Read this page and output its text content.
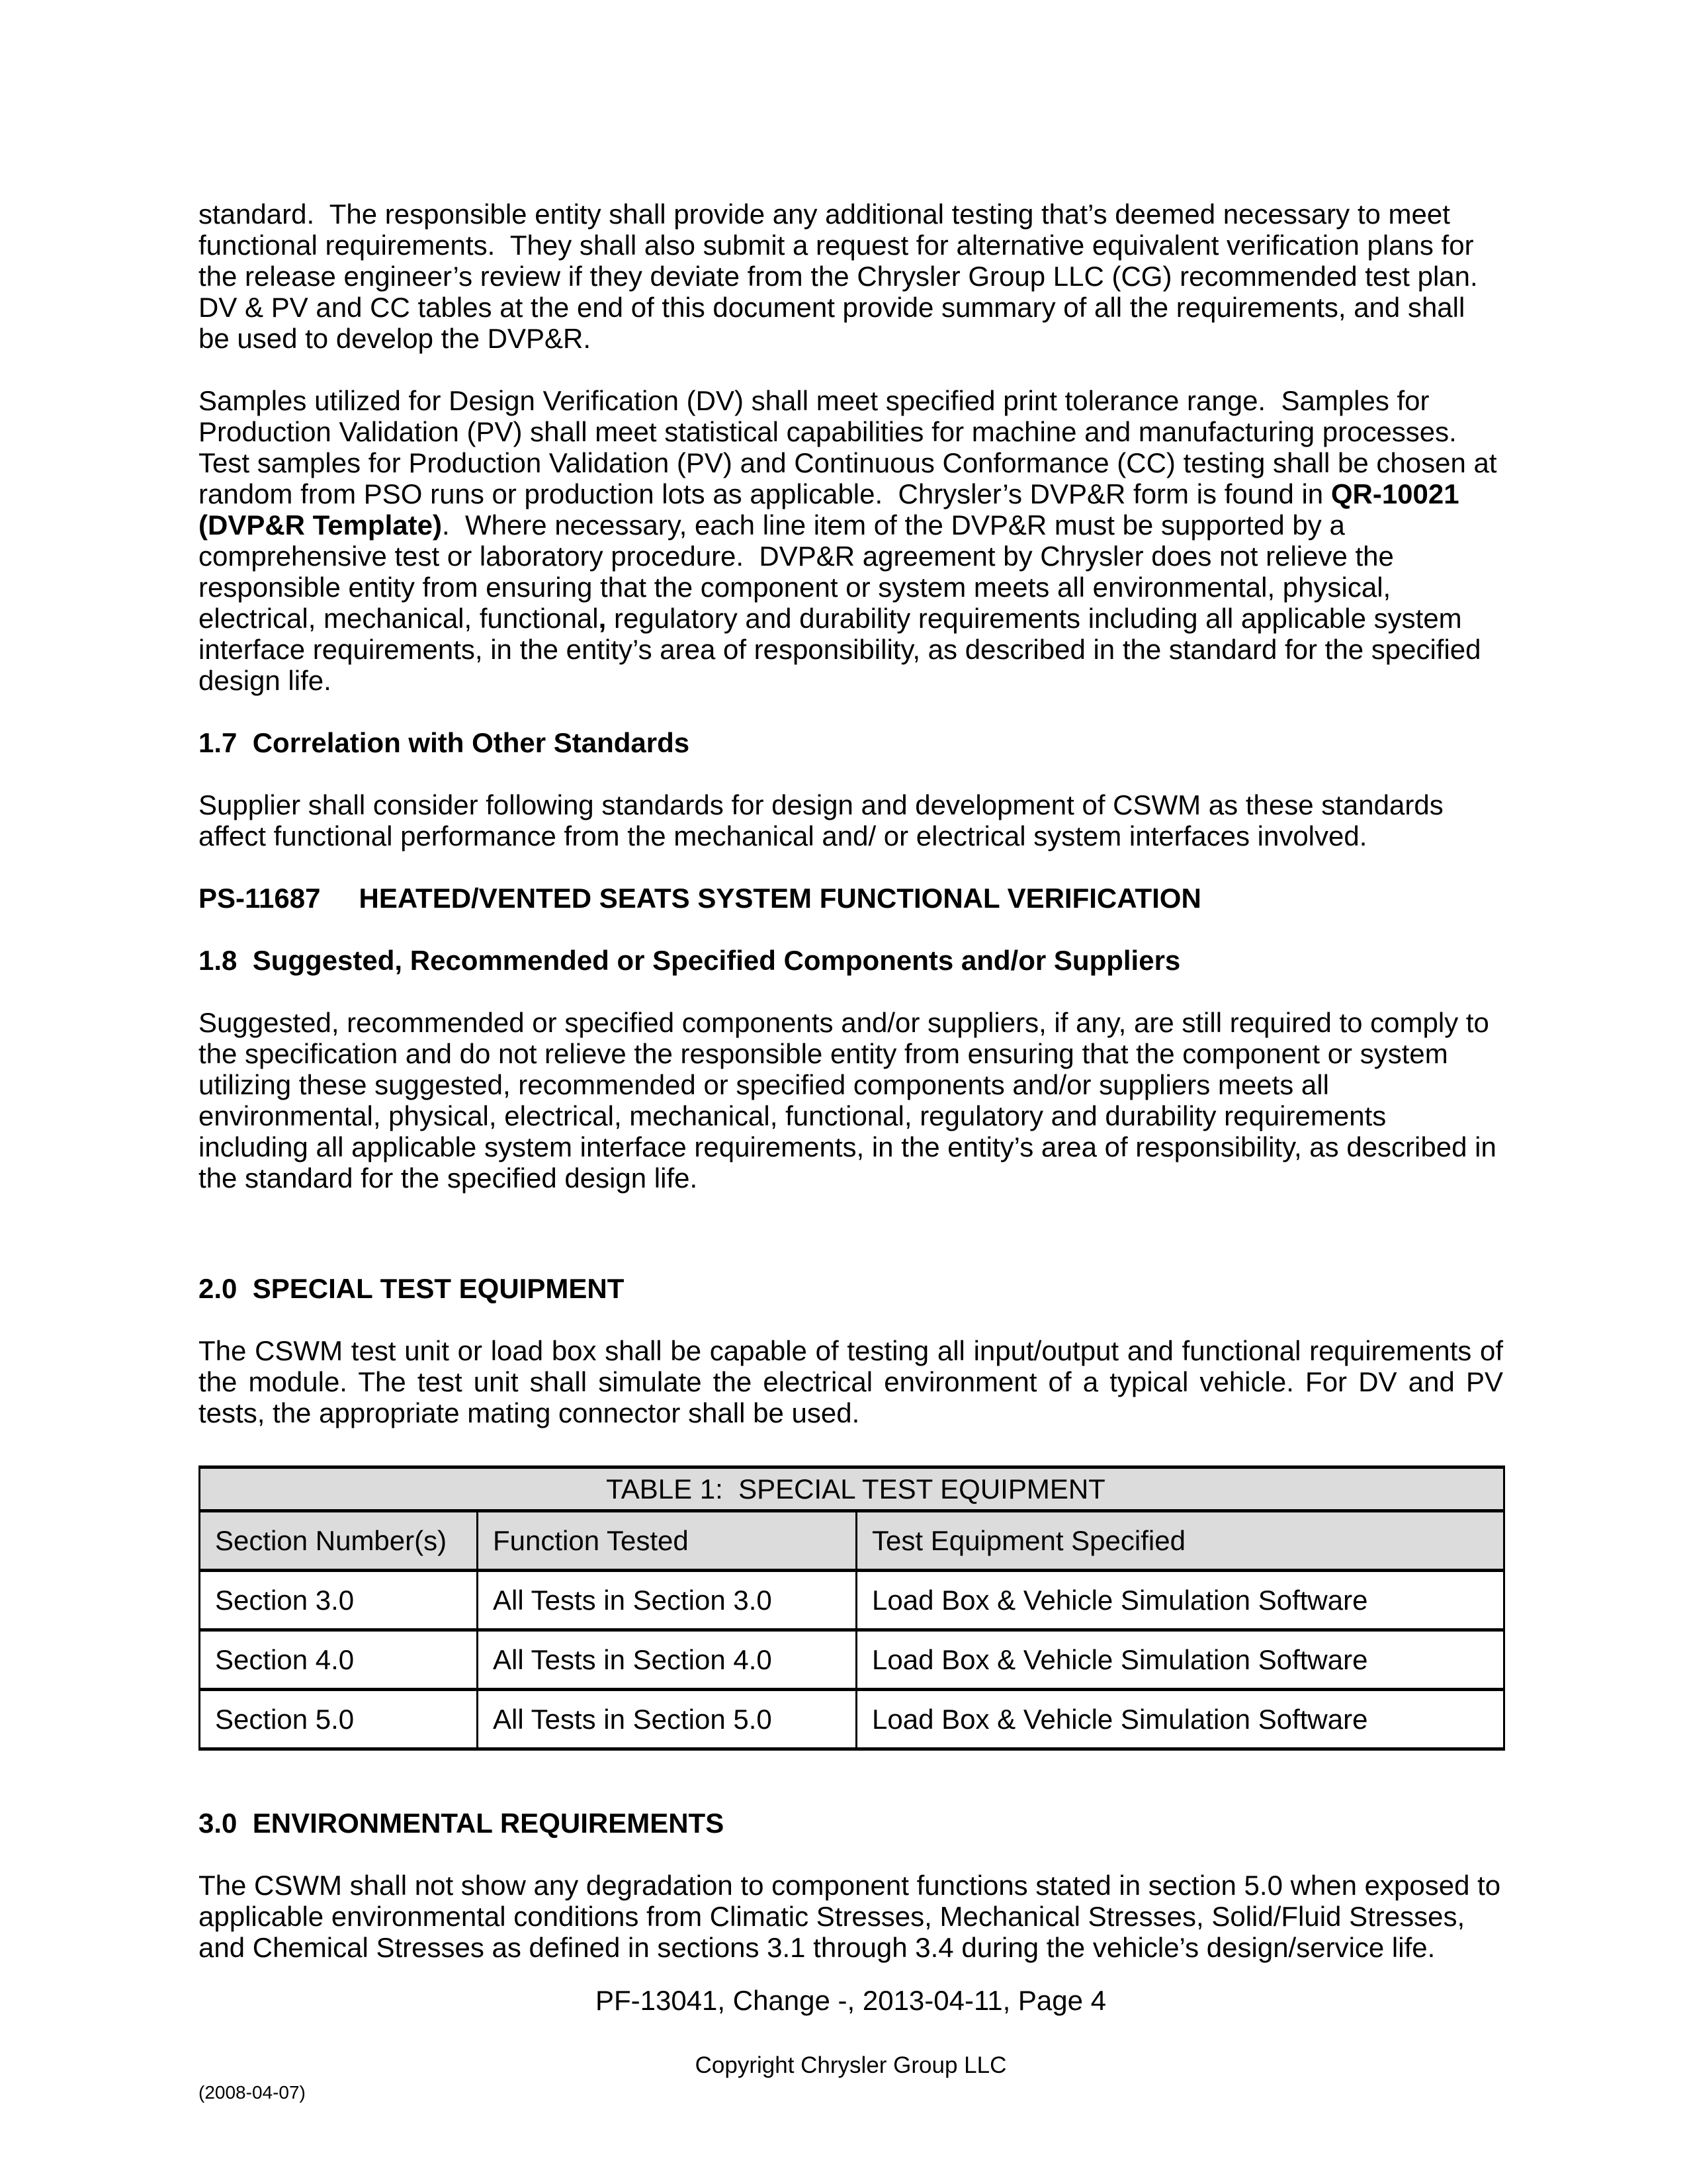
standard.  The responsible entity shall provide any additional testing that’s deemed necessary to meet functional requirements.  They shall also submit a request for alternative equivalent verification plans for the release engineer’s review if they deviate from the Chrysler Group LLC (CG) recommended test plan.  DV & PV and CC tables at the end of this document provide summary of all the requirements, and shall be used to develop the DVP&R.

Samples utilized for Design Verification (DV) shall meet specified print tolerance range.  Samples for Production Validation (PV) shall meet statistical capabilities for machine and manufacturing processes.  Test samples for Production Validation (PV) and Continuous Conformance (CC) testing shall be chosen at random from PSO runs or production lots as applicable.  Chrysler’s DVP&R form is found in QR-10021 (DVP&R Template).  Where necessary, each line item of the DVP&R must be supported by a comprehensive test or laboratory procedure.  DVP&R agreement by Chrysler does not relieve the responsible entity from ensuring that the component or system meets all environmental, physical, electrical, mechanical, functional, regulatory and durability requirements including all applicable system interface requirements, in the entity’s area of responsibility, as described in the standard for the specified design life.

1.7  Correlation with Other Standards

Supplier shall consider following standards for design and development of CSWM as these standards affect functional performance from the mechanical and/ or electrical system interfaces involved.

PS-11687 HEATED/VENTED SEATS SYSTEM FUNCTIONAL VERIFICATION

1.8  Suggested, Recommended or Specified Components and/or Suppliers

Suggested, recommended or specified components and/or suppliers, if any, are still required to comply to the specification and do not relieve the responsible entity from ensuring that the component or system utilizing these suggested, recommended or specified components and/or suppliers meets all environmental, physical, electrical, mechanical, functional, regulatory and durability requirements including all applicable system interface requirements, in the entity’s area of responsibility, as described in the standard for the specified design life.

2.0  SPECIAL TEST EQUIPMENT

The CSWM test unit or load box shall be capable of testing all input/output and functional requirements of the module. The test unit shall simulate the electrical environment of a typical vehicle. For DV and PV tests, the appropriate mating connector shall be used.

TABLE 1:  SPECIAL TEST EQUIPMENT		
Section Number(s)	Function Tested	Test Equipment Specified
Section 3.0	All Tests in Section 3.0	Load Box & Vehicle Simulation Software
Section 4.0	All Tests in Section 4.0	Load Box & Vehicle Simulation Software
Section 5.0	All Tests in Section 5.0	Load Box & Vehicle Simulation Software

3.0  ENVIRONMENTAL REQUIREMENTS

The CSWM shall not show any degradation to component functions stated in section 5.0 when exposed to applicable environmental conditions from Climatic Stresses, Mechanical Stresses, Solid/Fluid Stresses, and Chemical Stresses as defined in sections 3.1 through 3.4 during the vehicle’s design/service life.

PF-13041, Change -, 2013-04-11, Page 4

Copyright Chrysler Group LLC

(2008-04-07)
